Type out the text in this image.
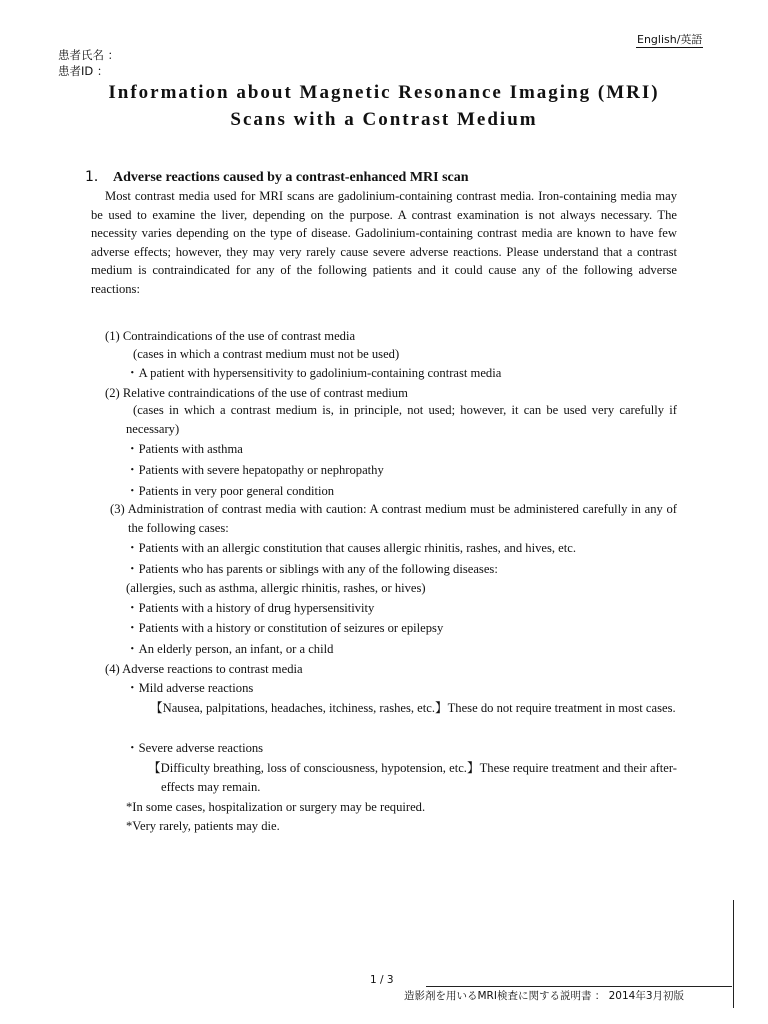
English/英語
患者氏名 ：
患者ID ：
Information about Magnetic Resonance Imaging (MRI)
Scans with a Contrast Medium
1． Adverse reactions caused by a contrast-enhanced MRI scan
Most contrast media used for MRI scans are gadolinium-containing contrast media. Iron-containing media may be used to examine the liver, depending on the purpose. A contrast examination is not always necessary. The necessity varies depending on the type of disease. Gadolinium-containing contrast media are known to have few adverse effects; however, they may very rarely cause severe adverse reactions. Please understand that a contrast medium is contraindicated for any of the following patients and it could cause any of the following adverse reactions:
(1) Contraindications of the use of contrast media
(cases in which a contrast medium must not be used)
・A patient with hypersensitivity to gadolinium-containing contrast media
(2) Relative contraindications of the use of contrast medium
(cases in which a contrast medium is, in principle, not used; however, it can be used very carefully if necessary)
・Patients with asthma
・Patients with severe hepatopathy or nephropathy
・Patients in very poor general condition
(3) Administration of contrast media with caution: A contrast medium must be administered carefully in any of the following cases:
・Patients with an allergic constitution that causes allergic rhinitis, rashes, and hives, etc.
・Patients who has parents or siblings with any of the following diseases:
(allergies, such as asthma, allergic rhinitis, rashes, or hives)
・Patients with a history of drug hypersensitivity
・Patients with a history or constitution of seizures or epilepsy
・An elderly person, an infant, or a child
(4) Adverse reactions to contrast media
・Mild adverse reactions
【Nausea, palpitations, headaches, itchiness, rashes, etc.】These do not require treatment in most cases.
・Severe adverse reactions
【Difficulty breathing, loss of consciousness, hypotension, etc.】These require treatment and their after-effects may remain.
*In some cases, hospitalization or surgery may be required.
*Very rarely, patients may die.
1 / 3
造影剤を用いるMRI検査に関する説明書 ： 2014年3月初版
